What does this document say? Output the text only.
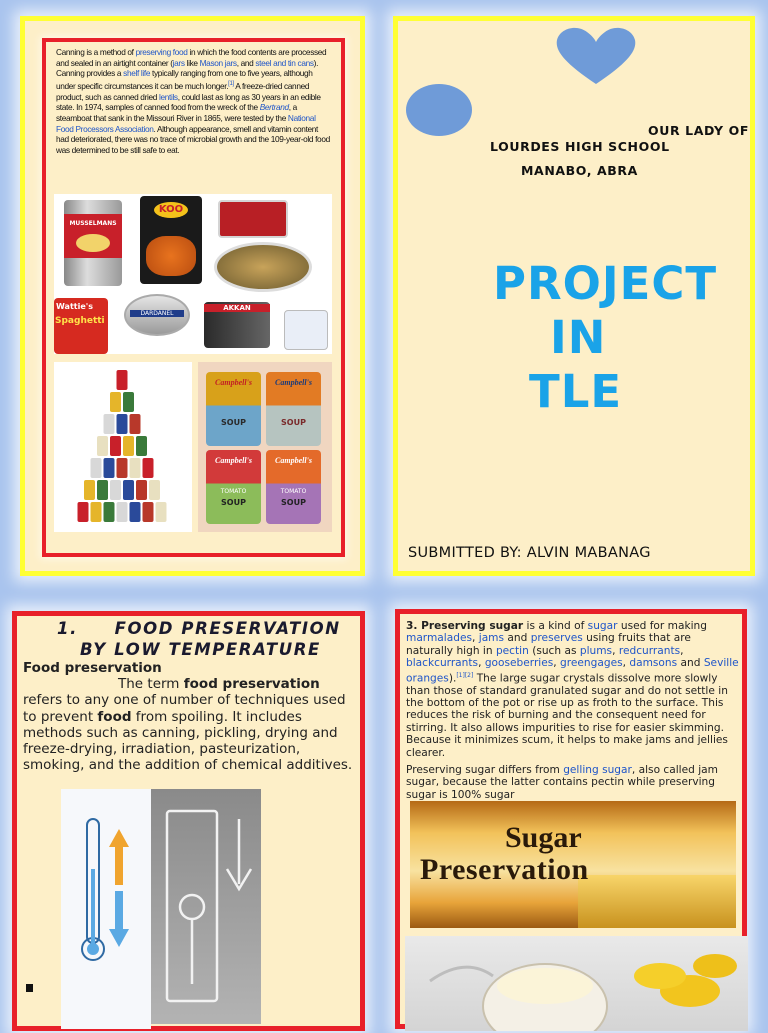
Canning is a method of preserving food in which the food contents are processed and sealed in an airtight container (jars like Mason jars, and steel and tin cans). Canning provides a shelf life typically ranging from one to five years, although under specific circumstances it can be much longer.[1] A freeze-dried canned product, such as canned dried lentils, could last as long as 30 years in an edible state. In 1974, samples of canned food from the wreck of the Bertrand, a steamboat that sank in the Missouri River in 1865, were tested by the National Food Processors Association. Although appearance, smell and vitamin content had deteriorated, there was no trace of microbial growth and the 109-year-old food was determined to be still safe to eat.
MUSSELMANS
KOO
Wattie's
Spaghetti
DARDANEL
AKKAN
Campbell's
SOUP
Campbell's
SOUP
Campbell's
TOMATO
SOUP
Campbell's
TOMATO
SOUP
OUR LADY OF
LOURDES HIGH SCHOOL
MANABO, ABRA
PROJECT
IN
TLE
SUBMITTED BY: ALVIN MABANAG
1.     FOOD PRESERVATION
BY LOW TEMPERATURE
Food preservation
The term food preservation refers to any one of number of techniques used to prevent food from spoiling. It includes methods such as canning, pickling, drying and freeze-drying, irradiation, pasteurization, smoking, and the addition of chemical additives.

3. Preserving sugar is a kind of sugar used for making marmalades, jams and preserves using fruits that are naturally high in pectin (such as plums, redcurrants, blackcurrants, gooseberries, greengages, damsons and Seville oranges).[1][2] The large sugar crystals dissolve more slowly than those of standard granulated sugar and do not settle in the bottom of the pot or rise up as froth to the surface. This reduces the risk of burning and the consequent need for stirring. It also allows impurities to rise for easier skimming. Because it minimizes scum, it helps to make jams and jellies clearer.

Preserving sugar differs from gelling sugar, also called jam sugar, because the latter contains pectin while preserving sugar is 100% sugar

Sugar
Preservation
